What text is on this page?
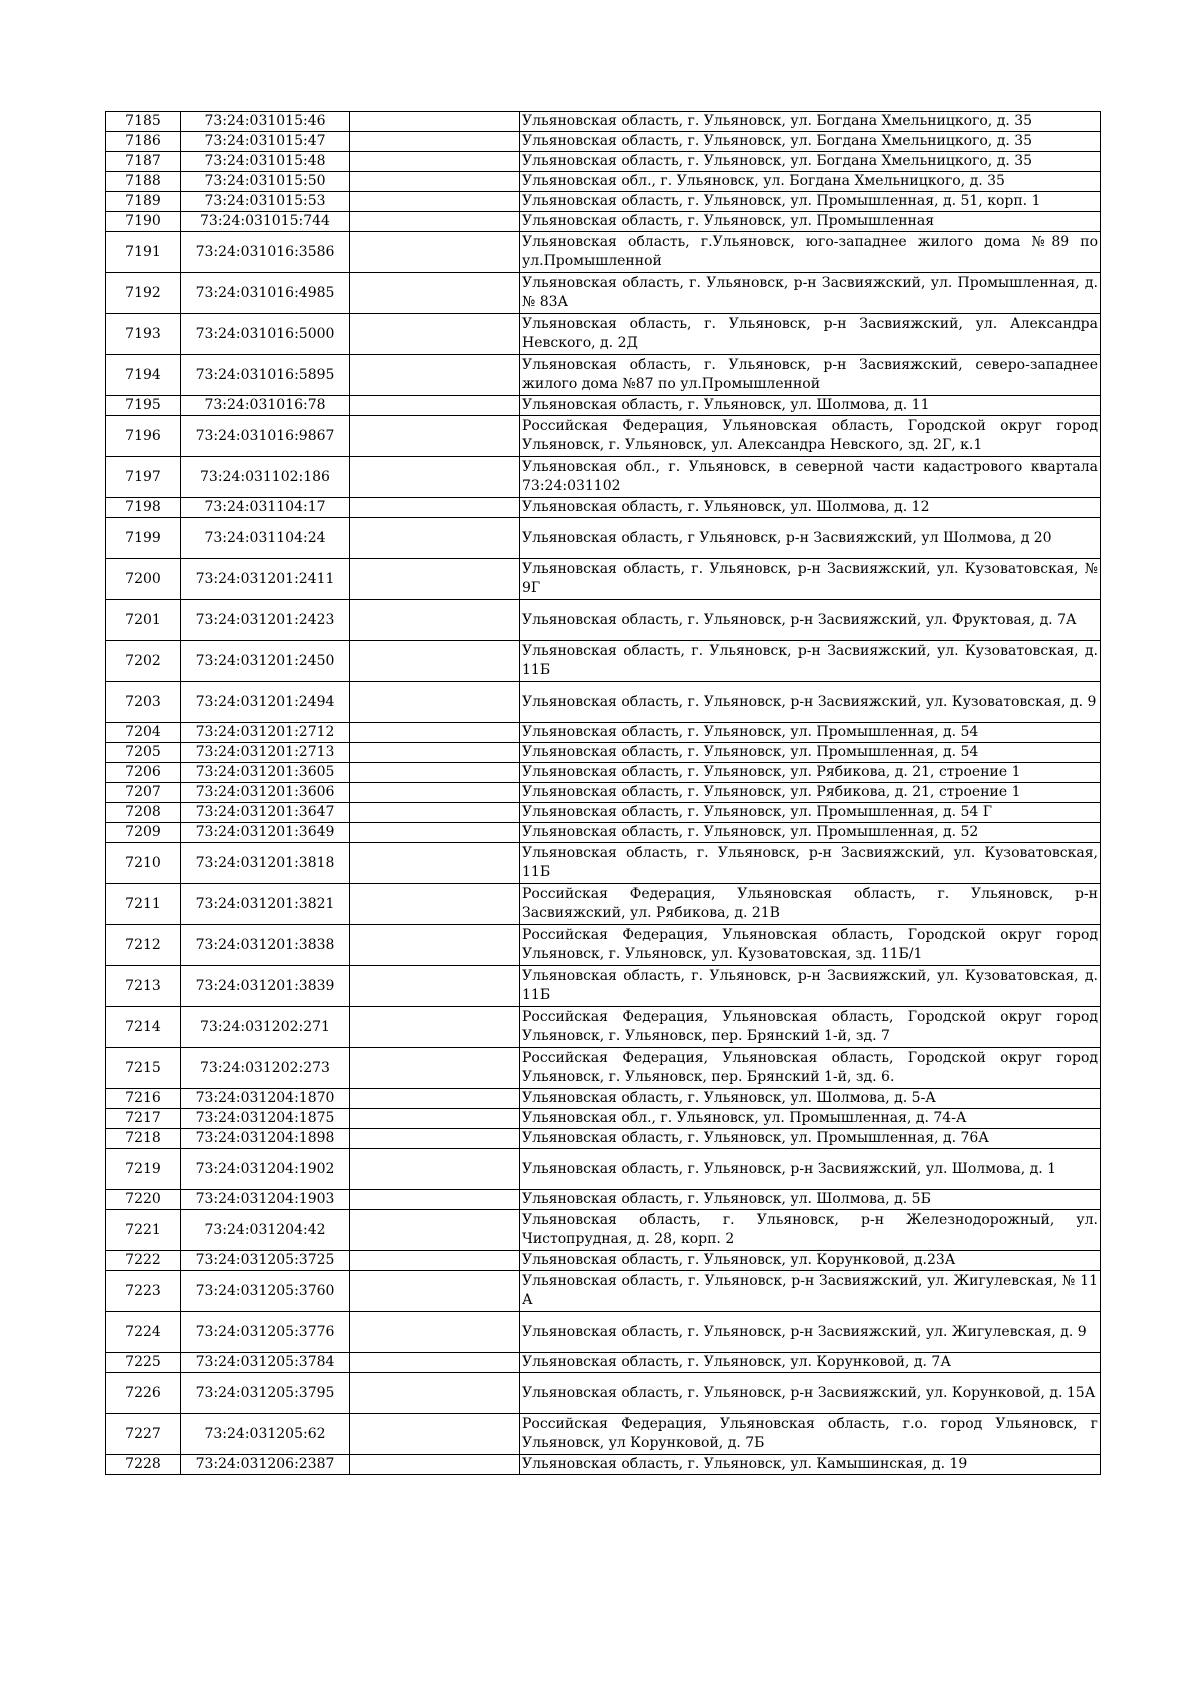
7185	73:24:031015:46		Ульяновская область, г. Ульяновск, ул. Богдана Хмельницкого, д. 35
7186	73:24:031015:47		Ульяновская область, г. Ульяновск, ул. Богдана Хмельницкого, д. 35
7187	73:24:031015:48		Ульяновская область, г. Ульяновск, ул. Богдана Хмельницкого, д. 35
7188	73:24:031015:50		Ульяновская обл., г. Ульяновск, ул. Богдана Хмельницкого, д. 35
7189	73:24:031015:53		Ульяновская область, г. Ульяновск, ул. Промышленная, д. 51, корп. 1
7190	73:24:031015:744		Ульяновская область, г. Ульяновск, ул. Промышленная
7191	73:24:031016:3586		Ульяновская область, г.Ульяновск, юго-западнее жилого дома №89 по ул.Промышленной
7192	73:24:031016:4985		Ульяновская область, г. Ульяновск, р-н Засвияжский, ул. Промышленная, д. № 83А
7193	73:24:031016:5000		Ульяновская область, г. Ульяновск, р-н Засвияжский, ул. Александра Невского, д. 2Д
7194	73:24:031016:5895		Ульяновская область, г. Ульяновск, р-н Засвияжский, северо-западнее жилого дома №87 по ул.Промышленной
7195	73:24:031016:78		Ульяновская область, г. Ульяновск, ул. Шолмова, д. 11
7196	73:24:031016:9867		Российская Федерация, Ульяновская область, Городской округ город Ульяновск, г. Ульяновск, ул. Александра Невского, зд. 2Г, к.1
7197	73:24:031102:186		Ульяновская обл., г. Ульяновск, в северной части кадастрового квартала 73:24:031102
7198	73:24:031104:17		Ульяновская область, г. Ульяновск, ул. Шолмова, д. 12
7199	73:24:031104:24		Ульяновская область, г Ульяновск, р-н Засвияжский, ул Шолмова, д 20
7200	73:24:031201:2411		Ульяновская область, г. Ульяновск, р-н Засвияжский, ул. Кузоватовская, № 9Г
7201	73:24:031201:2423		Ульяновская область, г. Ульяновск, р-н Засвияжский, ул. Фруктовая, д. 7А
7202	73:24:031201:2450		Ульяновская область, г. Ульяновск, р-н Засвияжский, ул. Кузоватовская, д. 11Б
7203	73:24:031201:2494		Ульяновская область, г. Ульяновск, р-н Засвияжский, ул. Кузоватовская, д. 9
7204	73:24:031201:2712		Ульяновская область, г. Ульяновск, ул. Промышленная, д. 54
7205	73:24:031201:2713		Ульяновская область, г. Ульяновск, ул. Промышленная, д. 54
7206	73:24:031201:3605		Ульяновская область, г. Ульяновск, ул. Рябикова, д. 21, строение 1
7207	73:24:031201:3606		Ульяновская область, г. Ульяновск, ул. Рябикова, д. 21, строение 1
7208	73:24:031201:3647		Ульяновская область, г. Ульяновск, ул. Промышленная, д. 54 Г
7209	73:24:031201:3649		Ульяновская область, г. Ульяновск, ул. Промышленная, д. 52
7210	73:24:031201:3818		Ульяновская область, г. Ульяновск, р-н Засвияжский, ул. Кузоватовская, 11Б
7211	73:24:031201:3821		Российская Федерация, Ульяновская область, г. Ульяновск, р-н Засвияжский, ул. Рябикова, д. 21В
7212	73:24:031201:3838		Российская Федерация, Ульяновская область, Городской округ город Ульяновск, г. Ульяновск, ул. Кузоватовская, зд. 11Б/1
7213	73:24:031201:3839		Ульяновская область, г. Ульяновск, р-н Засвияжский, ул. Кузоватовская, д. 11Б
7214	73:24:031202:271		Российская Федерация, Ульяновская область, Городской округ город Ульяновск, г. Ульяновск, пер. Брянский 1-й, зд. 7
7215	73:24:031202:273		Российская Федерация, Ульяновская область, Городской округ город Ульяновск, г. Ульяновск, пер. Брянский 1-й, зд. 6.
7216	73:24:031204:1870		Ульяновская область, г. Ульяновск, ул. Шолмова, д. 5-А
7217	73:24:031204:1875		Ульяновская обл., г. Ульяновск, ул. Промышленная, д. 74-А
7218	73:24:031204:1898		Ульяновская область, г. Ульяновск, ул. Промышленная, д. 76А
7219	73:24:031204:1902		Ульяновская область, г. Ульяновск, р-н Засвияжский, ул. Шолмова, д. 1
7220	73:24:031204:1903		Ульяновская область, г. Ульяновск, ул. Шолмова, д. 5Б
7221	73:24:031204:42		Ульяновская область, г. Ульяновск, р-н Железнодорожный, ул. Чистопрудная, д. 28, корп. 2
7222	73:24:031205:3725		Ульяновская область, г. Ульяновск, ул. Корунковой, д.23А
7223	73:24:031205:3760		Ульяновская область, г. Ульяновск, р-н Засвияжский, ул. Жигулевская, № 11 А
7224	73:24:031205:3776		Ульяновская область, г. Ульяновск, р-н Засвияжский, ул. Жигулевская, д. 9
7225	73:24:031205:3784		Ульяновская область, г. Ульяновск, ул. Корунковой, д. 7А
7226	73:24:031205:3795		Ульяновская область, г. Ульяновск, р-н Засвияжский, ул. Корунковой, д. 15А
7227	73:24:031205:62		Российская Федерация, Ульяновская область, г.о. город Ульяновск, г Ульяновск, ул Корунковой, д. 7Б
7228	73:24:031206:2387		Ульяновская область, г. Ульяновск, ул. Камышинская, д. 19
